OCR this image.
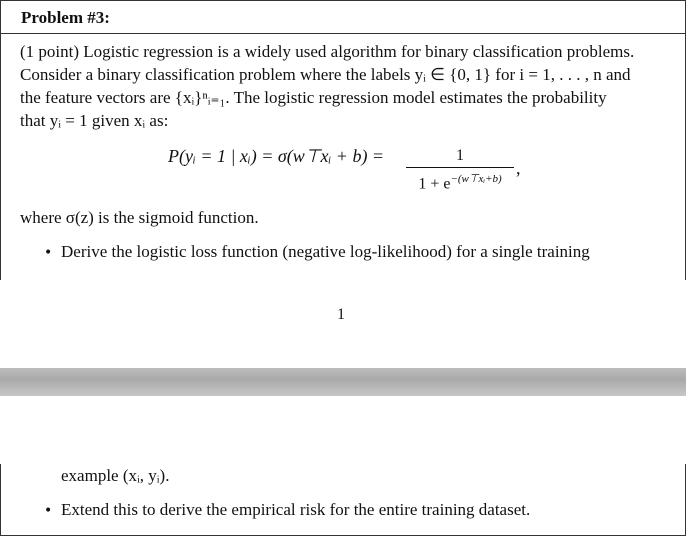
Problem #3:
(1 point) Logistic regression is a widely used algorithm for binary classification problems.
Consider a binary classification problem where the labels yᵢ ∈ {0, 1} for i = 1, . . . , n and
the feature vectors are {xᵢ}ⁿᵢ₌₁. The logistic regression model estimates the probability
that yᵢ = 1 given xᵢ as:
P(yᵢ = 1 | xᵢ) = σ(w⊤xᵢ + b) =	1
$1 + e^{-(w⊤xᵢ+b)}$
,
where σ(z) is the sigmoid function.
• Derive the logistic loss function (negative log-likelihood) for a single training
1
example (xᵢ, yᵢ).
• Extend this to derive the empirical risk for the entire training dataset.
